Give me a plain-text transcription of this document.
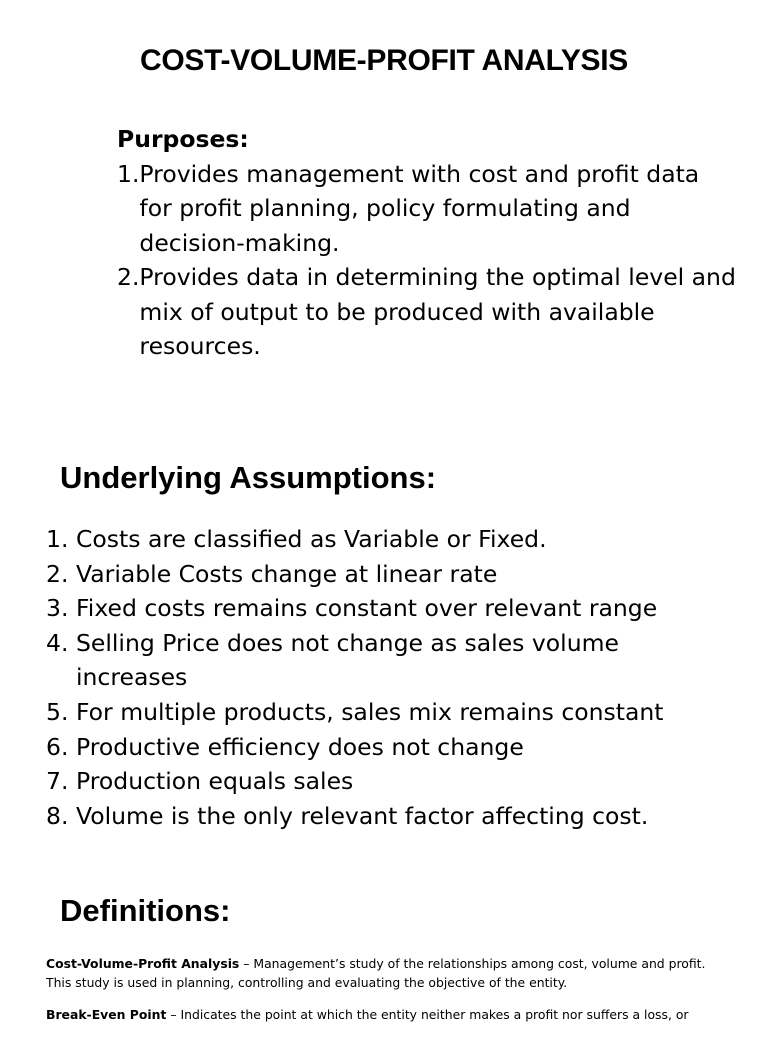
COST-VOLUME-PROFIT ANALYSIS
Purposes:
1. Provides management with cost and profit data for profit planning, policy formulating and decision-making.
2. Provides data in determining the optimal level and mix of output to be produced with available resources.
Underlying Assumptions:
1. Costs are classified as Variable or Fixed.
2. Variable Costs change at linear rate
3. Fixed costs remains constant over relevant range
4. Selling Price does not change as sales volume increases
5. For multiple products, sales mix remains constant
6. Productive efficiency does not change
7. Production equals sales
8. Volume is the only relevant factor affecting cost.
Definitions:

Cost-Volume-Profit Analysis – Management’s study of the relationships among cost, volume and profit. This study is used in planning, controlling and evaluating the objective of the entity.

Break-Even Point – Indicates the point at which the entity neither makes a profit nor suffers a loss, or
